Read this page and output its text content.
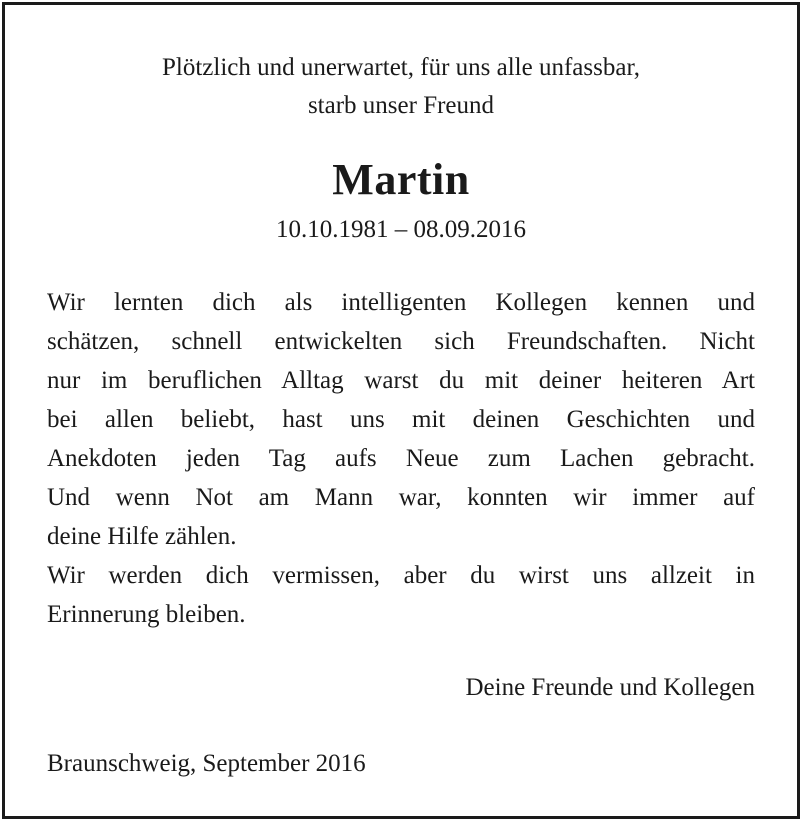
Plötzlich und unerwartet, für uns alle unfassbar,
starb unser Freund
Martin
10.10.1981 – 08.09.2016

Wir lernten dich als intelligenten Kollegen kennen und
schätzen, schnell entwickelten sich Freundschaften. Nicht
nur im beruflichen Alltag warst du mit deiner heiteren Art
bei allen beliebt, hast uns mit deinen Geschichten und
Anekdoten jeden Tag aufs Neue zum Lachen gebracht.
Und wenn Not am Mann war, konnten wir immer auf
deine Hilfe zählen.

Wir werden dich vermissen, aber du wirst uns allzeit in
Erinnerung bleiben.

Deine Freunde und Kollegen
Braunschweig, September 2016
